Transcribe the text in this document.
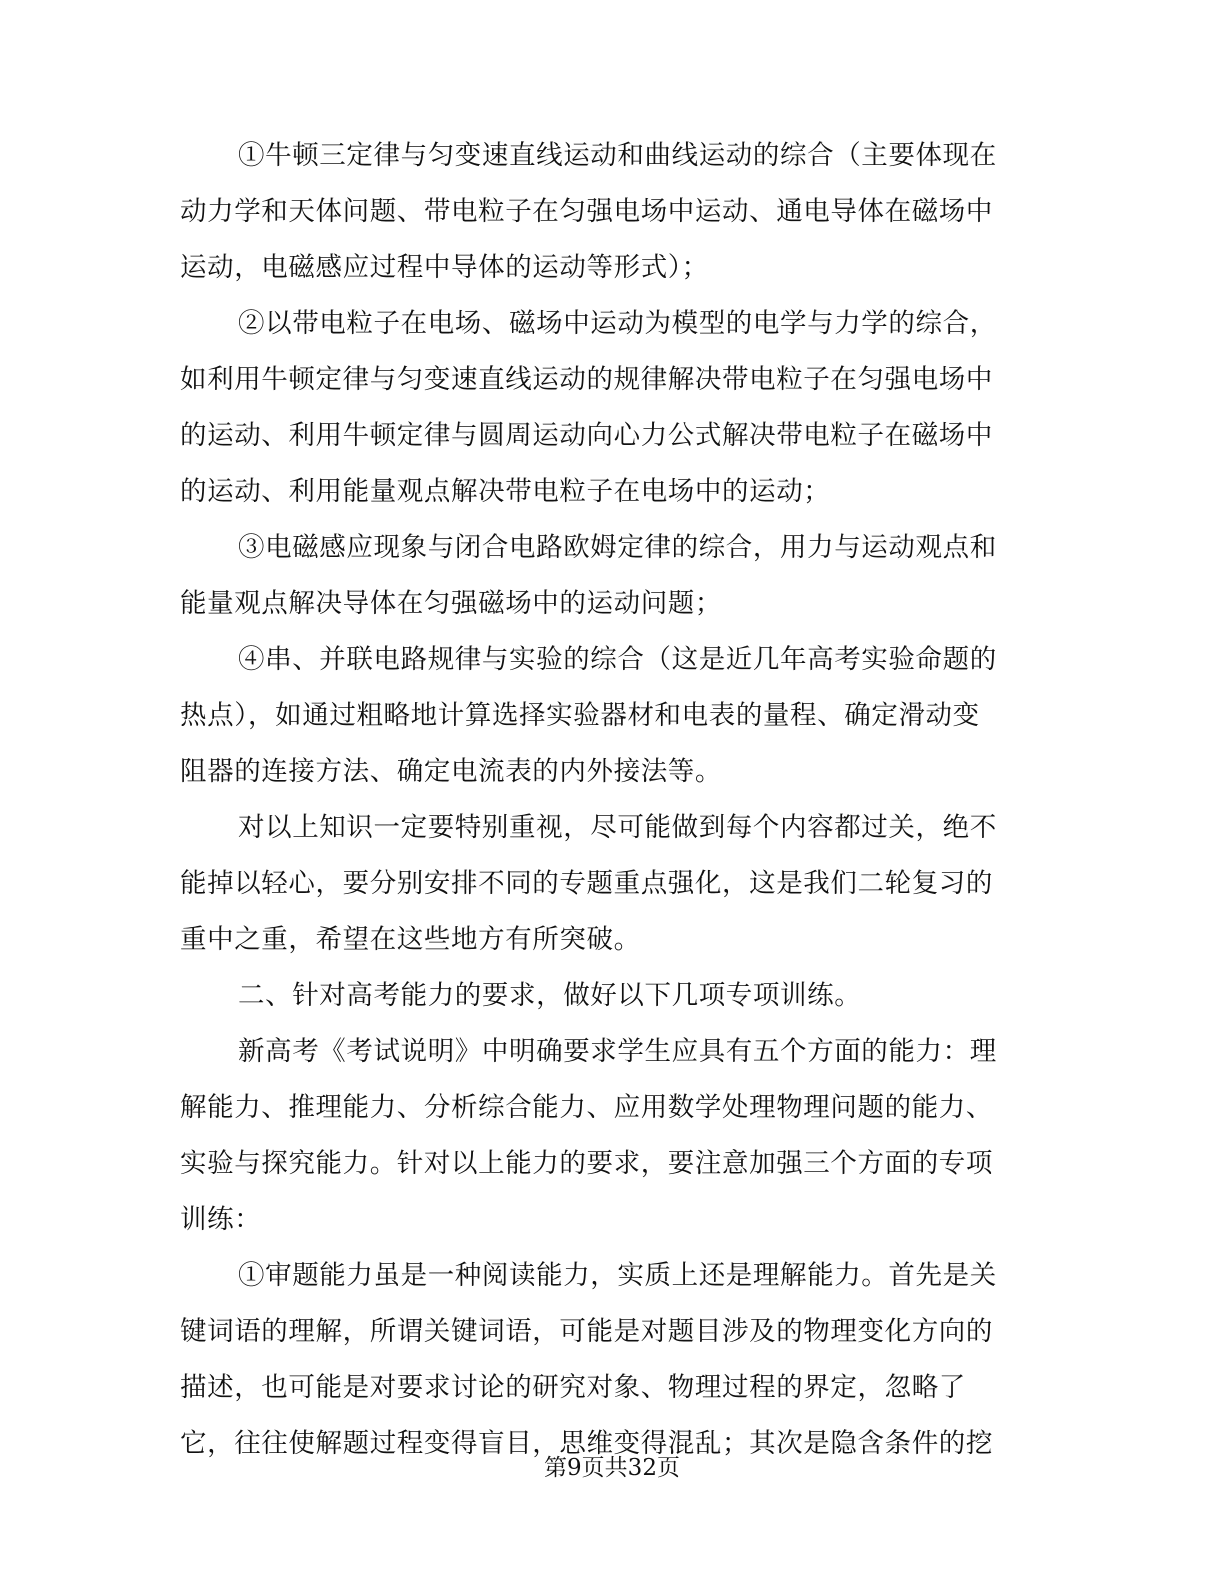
①牛顿三定律与匀变速直线运动和曲线运动的综合（主要体现在
动力学和天体问题、带电粒子在匀强电场中运动、通电导体在磁场中
运动，电磁感应过程中导体的运动等形式）；
②以带电粒子在电场、磁场中运动为模型的电学与力学的综合，
如利用牛顿定律与匀变速直线运动的规律解决带电粒子在匀强电场中
的运动、利用牛顿定律与圆周运动向心力公式解决带电粒子在磁场中
的运动、利用能量观点解决带电粒子在电场中的运动；
③电磁感应现象与闭合电路欧姆定律的综合，用力与运动观点和
能量观点解决导体在匀强磁场中的运动问题；
④串、并联电路规律与实验的综合（这是近几年高考实验命题的
热点），如通过粗略地计算选择实验器材和电表的量程、确定滑动变
阻器的连接方法、确定电流表的内外接法等。
对以上知识一定要特别重视，尽可能做到每个内容都过关，绝不
能掉以轻心，要分别安排不同的专题重点强化，这是我们二轮复习的
重中之重，希望在这些地方有所突破。
二、针对高考能力的要求，做好以下几项专项训练。
新高考《考试说明》中明确要求学生应具有五个方面的能力：理
解能力、推理能力、分析综合能力、应用数学处理物理问题的能力、
实验与探究能力。针对以上能力的要求，要注意加强三个方面的专项
训练：
①审题能力虽是一种阅读能力，实质上还是理解能力。首先是关
键词语的理解，所谓关键词语，可能是对题目涉及的物理变化方向的
描述，也可能是对要求讨论的研究对象、物理过程的界定，忽略了
它，往往使解题过程变得盲目，思维变得混乱；其次是隐含条件的挖
第9页共32页
